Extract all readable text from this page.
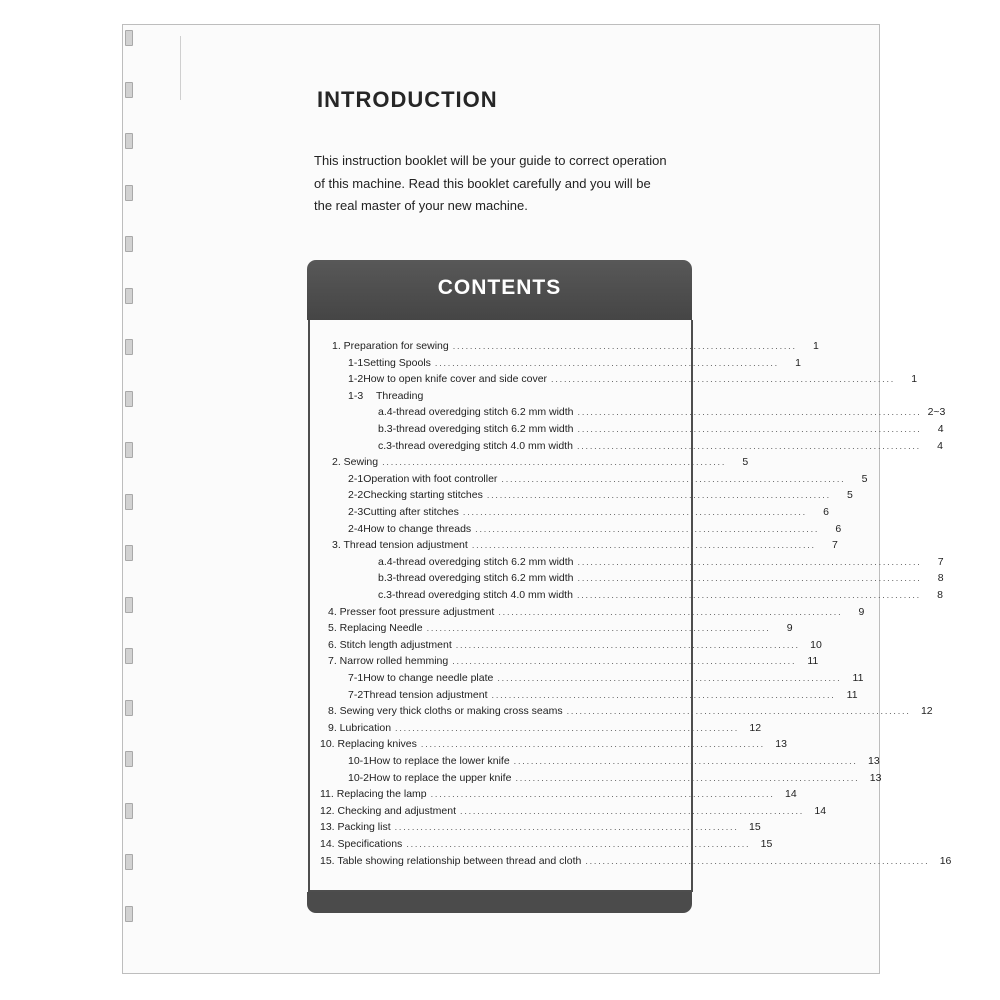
INTRODUCTION
This instruction booklet will be your guide to correct operation
of this machine. Read this booklet carefully and you will be
the real master of your new machine.
CONTENTS
1. Preparation for sewing ................................................................................	1
1-1 Setting Spools ................................................................................	1
1-2 How to open knife cover and side cover ................................................................................	1
1-3	Threading
a. 4-thread overedging stitch 6.2 mm width ................................................................................ 2~3
b. 3-thread overedging stitch 6.2 mm width ................................................................................	4
c. 3-thread overedging stitch 4.0 mm width ................................................................................	4
2. Sewing ................................................................................	5
2-1 Operation with foot controller ................................................................................	5
2-2 Checking starting stitches ................................................................................	5
2-3 Cutting after stitches ................................................................................	6
2-4 How to change threads ................................................................................	6
3. Thread tension adjustment ................................................................................	7
a. 4-thread overedging stitch 6.2 mm width ................................................................................	7
b. 3-thread overedging stitch 6.2 mm width ................................................................................	8
c. 3-thread overedging stitch 4.0 mm width ................................................................................	8
4. Presser foot pressure adjustment ................................................................................	9
5. Replacing Needle ................................................................................	9
6. Stitch length adjustment ................................................................................ 10
7. Narrow rolled hemming ................................................................................	11
7-1 How to change needle plate ................................................................................	11
7-2 Thread tension adjustment ................................................................................	11
8. Sewing very thick cloths or making cross seams ................................................................................ 12
9. Lubrication ................................................................................ 12
10. Replacing knives ................................................................................ 13
10-1 How to replace the lower knife ................................................................................ 13
10-2 How to replace the upper knife ................................................................................ 13
11. Replacing the lamp ................................................................................ 14
12. Checking and adjustment ................................................................................ 14
13. Packing list ................................................................................ 15
14. Specifications ................................................................................ 15
15. Table showing relationship between thread and cloth ................................................................................ 16
